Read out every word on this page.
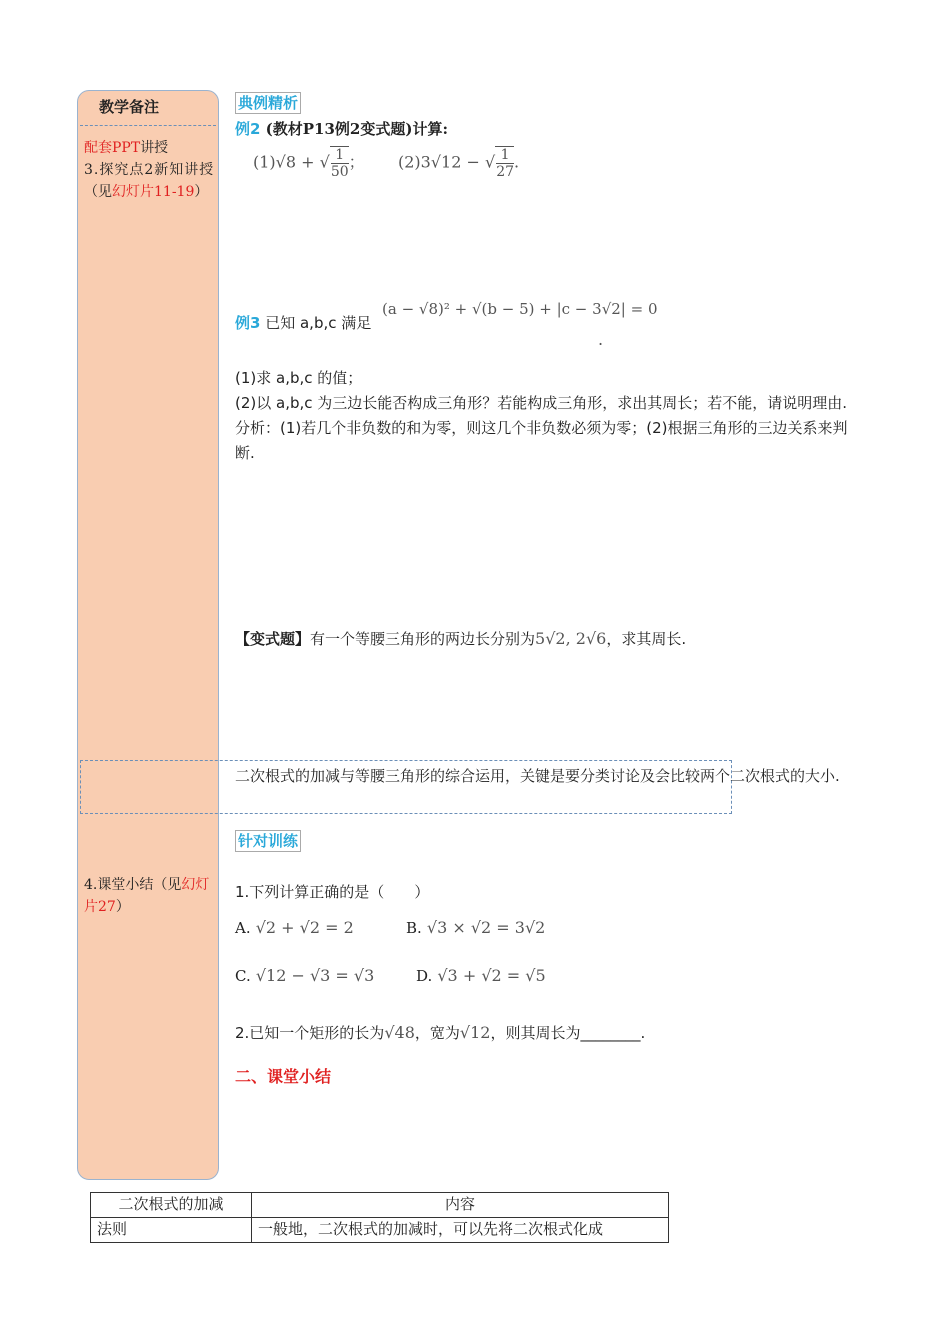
教学备注
配套PPT讲授
3.探究点2新知讲授
（见幻灯片11-19）
4.课堂小结（见幻灯片27）
典例精析
例2 (教材P13例2变式题)计算:
(1)√8 + √ $\frac{1}{50}$； (2)3√12 − √ $\frac{1}{27}$.
例3 已知 a,b,c 满足
(a − √8)² + √(b − 5) + |c − 3√2| = 0
.
(1)求 a,b,c 的值；
(2)以 a,b,c 为三边长能否构成三角形？若能构成三角形，求出其周长；若不能，请说明理由.
分析：(1)若几个非负数的和为零，则这几个非负数必须为零；(2)根据三角形的三边关系来判断.
【变式题】有一个等腰三角形的两边长分别为5√2, 2√6，求其周长.
二次根式的加减与等腰三角形的综合运用，关键是要分类讨论及会比较两个二次根式的大小.
针对训练
1.下列计算正确的是（　　）
A. √2 + √2 = 2	B. √3 × √2 = 3√2
C. √12 − √3 = √3	D. √3 + √2 = √5
2.已知一个矩形的长为√48，宽为√12，则其周长为________.
二、课堂小结
二次根式的加减	内容
法则	一般地，二次根式的加减时，可以先将二次根式化成
